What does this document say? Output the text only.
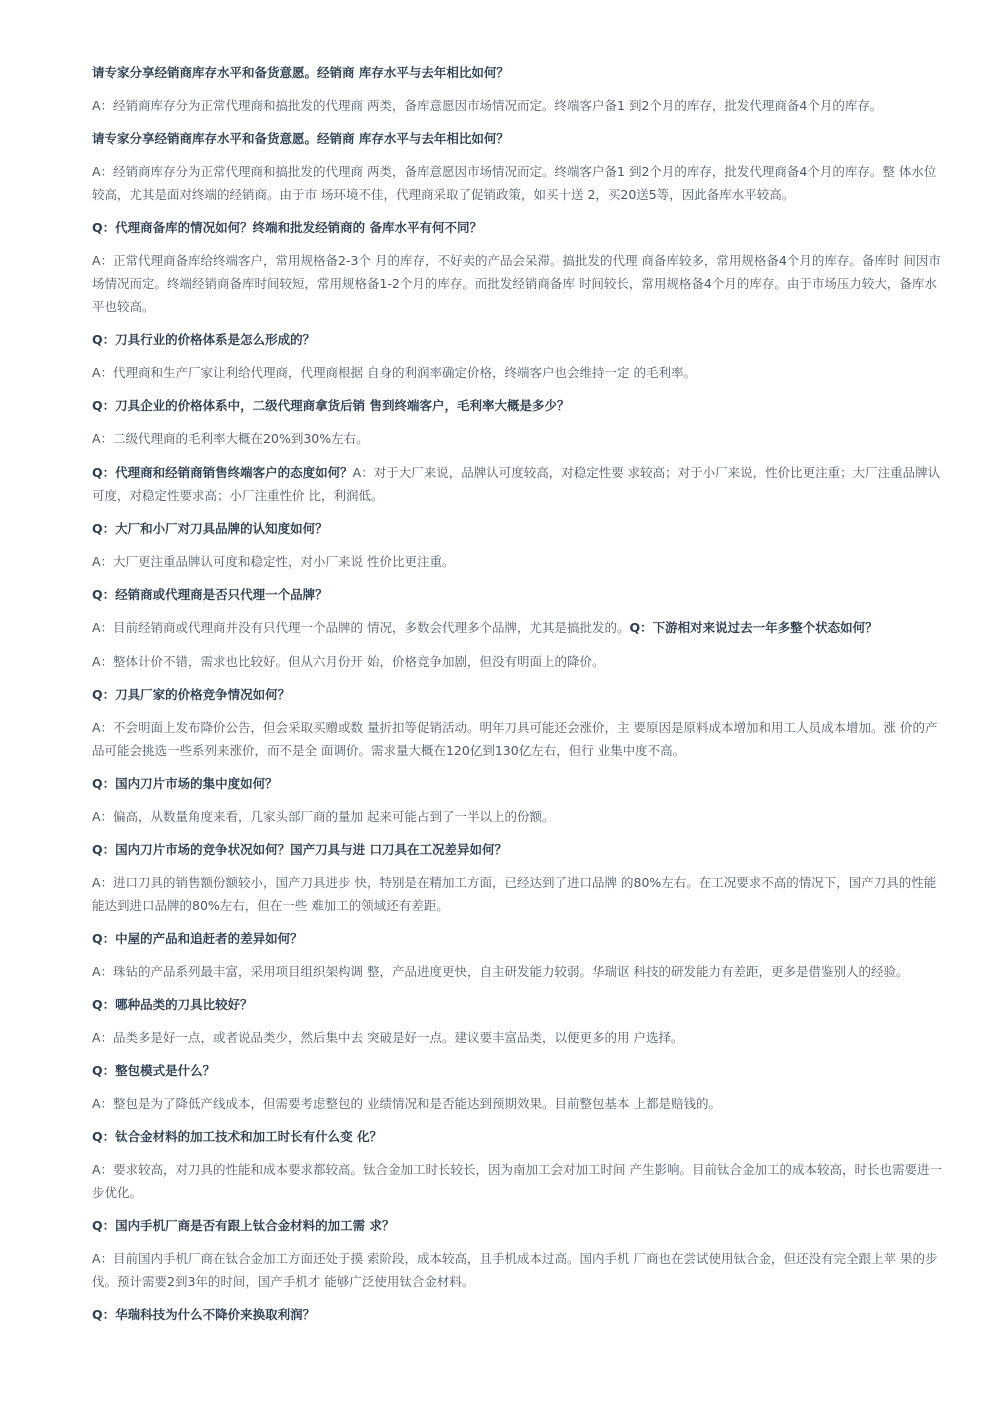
请专家分享经销商库存水平和备货意愿。经销商 库存水平与去年相比如何？

A：经销商库存分为正常代理商和搞批发的代理商 两类，备库意愿因市场情况而定。终端客户备1 到2个月的库存，批发代理商备4个月的库存。

请专家分享经销商库存水平和备货意愿。经销商 库存水平与去年相比如何？

A：经销商库存分为正常代理商和搞批发的代理商 两类，备库意愿因市场情况而定。终端客户备1 到2个月的库存，批发代理商备4个月的库存。整 体水位较高，尤其是面对终端的经销商。由于市 场环境不佳，代理商采取了促销政策，如买十送 2，买20送5等，因此备库水平较高。

Q：代理商备库的情况如何？终端和批发经销商的 备库水平有何不同？

A：正常代理商备库给终端客户，常用规格备2-3个 月的库存，不好卖的产品会呆滞。搞批发的代理 商备库较多，常用规格备4个月的库存。备库时 间因市场情况而定。终端经销商备库时间较短，常用规格备1-2个月的库存。而批发经销商备库 时间较长，常用规格备4个月的库存。由于市场压力较大，备库水平也较高。

Q：刀具行业的价格体系是怎么形成的？

A：代理商和生产厂家让利给代理商，代理商根据 自身的利润率确定价格，终端客户也会维持一定 的毛利率。

Q：刀具企业的价格体系中，二级代理商拿货后销 售到终端客户，毛利率大概是多少？

A：二级代理商的毛利率大概在20%到30%左右。

Q：代理商和经销商销售终端客户的态度如何？A：对于大厂来说，品牌认可度较高，对稳定性要 求较高；对于小厂来说，性价比更注重；大厂注重品牌认可度，对稳定性要求高；小厂注重性价 比，利润低。

Q：大厂和小厂对刀具品牌的认知度如何？

A：大厂更注重品牌认可度和稳定性，对小厂来说 性价比更注重。

Q：经销商或代理商是否只代理一个品牌？

A：目前经销商或代理商并没有只代理一个品牌的 情况，多数会代理多个品牌，尤其是搞批发的。Q：下游相对来说过去一年多整个状态如何？

A：整体计价不错，需求也比较好。但从六月份开 始，价格竞争加剧，但没有明面上的降价。

Q：刀具厂家的价格竞争情况如何？

A：不会明面上发布降价公告，但会采取买赠或数 量折扣等促销活动。明年刀具可能还会涨价，主 要原因是原料成本增加和用工人员成本增加。涨 价的产品可能会挑选一些系列来涨价，而不是全 面调价。需求量大概在120亿到130亿左右，但行 业集中度不高。

Q：国内刀片市场的集中度如何？

A：偏高，从数量角度来看，几家头部厂商的量加 起来可能占到了一半以上的份额。

Q：国内刀片市场的竞争状况如何？国产刀具与进 口刀具在工况差异如何？

A：进口刀具的销售额份额较小，国产刀具进步 快，特别是在精加工方面，已经达到了进口品牌 的80%左右。在工况要求不高的情况下，国产刀具的性能能达到进口品牌的80%左右，但在一些 难加工的领域还有差距。

Q：中屋的产品和追赶者的差异如何？

A：珠钻的产品系列最丰富，采用项目组织架构调 整，产品进度更快，自主研发能力较弱。华瑞讴 科技的研发能力有差距，更多是借鉴别人的经验。

Q：哪种品类的刀具比较好？

A：品类多是好一点，或者说品类少，然后集中去 突破是好一点。建议要丰富品类，以便更多的用 户选择。

Q：整包模式是什么？

A：整包是为了降低产线成本，但需要考虑整包的 业绩情况和是否能达到预期效果。目前整包基本 上都是赔钱的。

Q：钛合金材料的加工技术和加工时长有什么变 化？

A：要求较高，对刀具的性能和成本要求都较高。钛合金加工时长较长，因为南加工会对加工时间 产生影响。目前钛合金加工的成本较高，时长也需要进一步优化。

Q：国内手机厂商是否有跟上钛合金材料的加工需 求？

A：目前国内手机厂商在钛合金加工方面还处于摸 索阶段，成本较高，且手机成本过高。国内手机 厂商也在尝试使用钛合金，但还没有完全跟上苹 果的步伐。预计需要2到3年的时间，国产手机才 能够广泛使用钛合金材料。

Q：华瑞科技为什么不降价来换取利润？
